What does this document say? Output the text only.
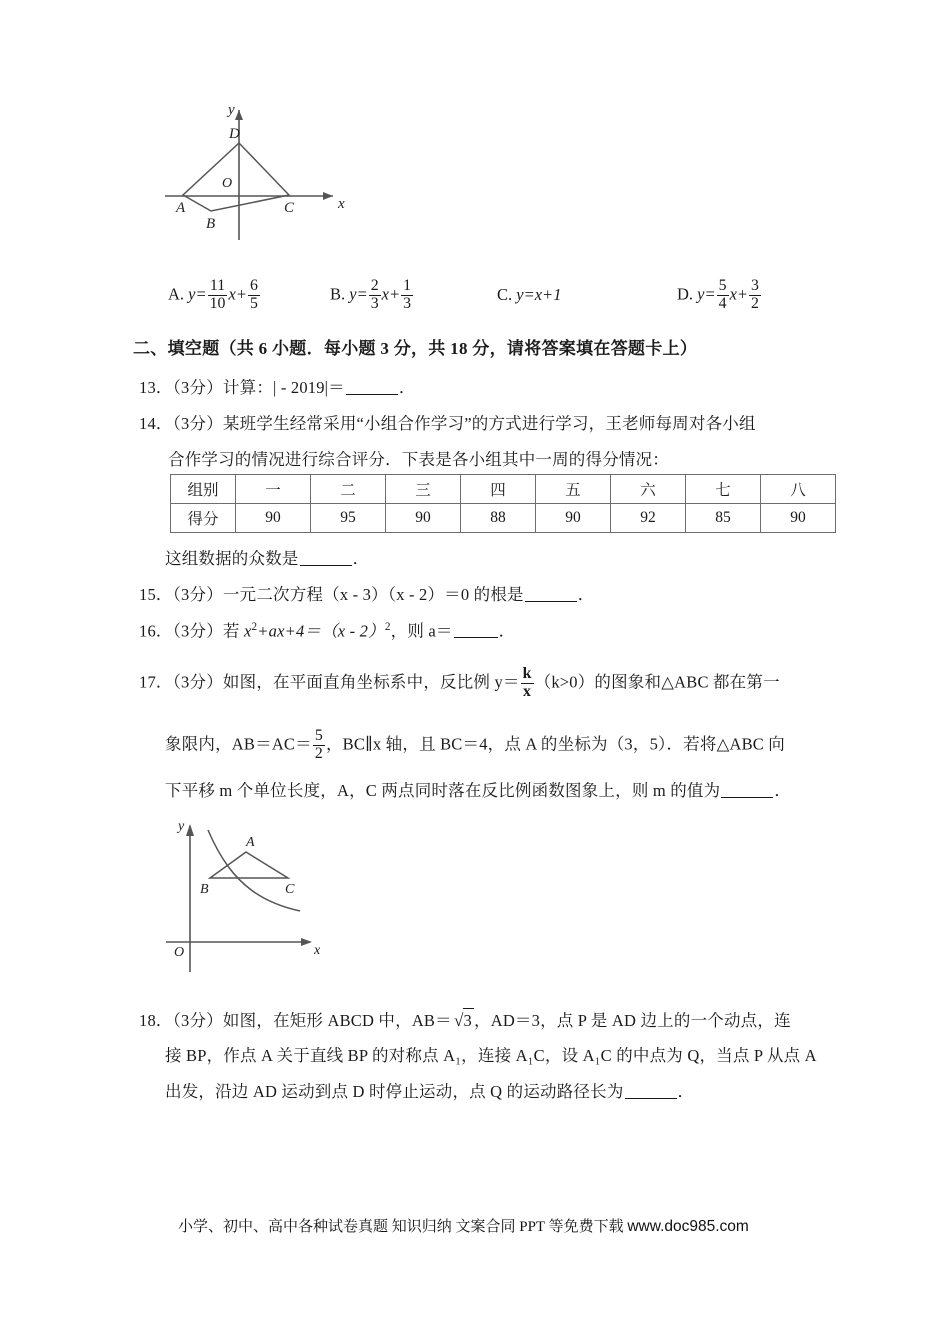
A
B
C
D
O
x
y
A. $y= \frac{11}{10} x+ \frac{6}{5}$	B. $y= \frac{2}{3} x+ \frac{1}{3}$	C. y=x+1	D. $y= \frac{5}{4} x+ \frac{3}{2}$
二、填空题（共 6 小题．每小题 3 分，共 18 分，请将答案填在答题卡上）
13．（3分）计算：| - 2019|＝	．
14．（3分）某班学生经常采用“小组合作学习”的方式进行学习，王老师每周对各小组
合作学习的情况进行综合评分．下表是各小组其中一周的得分情况：
组别	一	二	三	四	五	六	七	八
得分	90	95	90	88	90	92	85	90
这组数据的众数是	．
15．（3分）一元二次方程（x - 3）（x - 2）＝0 的根是	．
16．（3分）若 $x^2+ax+4=(x - 2)^2$，则 a＝	．
17．（3分）如图，在平面直角坐标系中，反比例 $y= \frac{k}{x} (k>0)$的图象和△ABC 都在第一
象限内，$AB=AC= \frac{5}{2}$ ，BC∥x 轴，且 BC＝4，点 A 的坐标为（3，5）．若将△ABC 向
下平移 m 个单位长度，A，C 两点同时落在反比例函数图象上，则 m 的值为	．
A
B	C
O	x
y
18．（3分）如图，在矩形 ABCD 中，AB＝ √3 ，AD＝3，点 P 是 AD 边上的一个动点，连
接 BP，作点 A 关于直线 BP 的对称点 A₁，连接 A₁C，设 A₁C 的中点为 Q，当点 P 从点 A
出发，沿边 AD 运动到点 D 时停止运动，点 Q 的运动路径长为	．
小学、初中、高中各种试卷真题 知识归纳 文案合同 PPT 等免费下载 www.doc985.com
